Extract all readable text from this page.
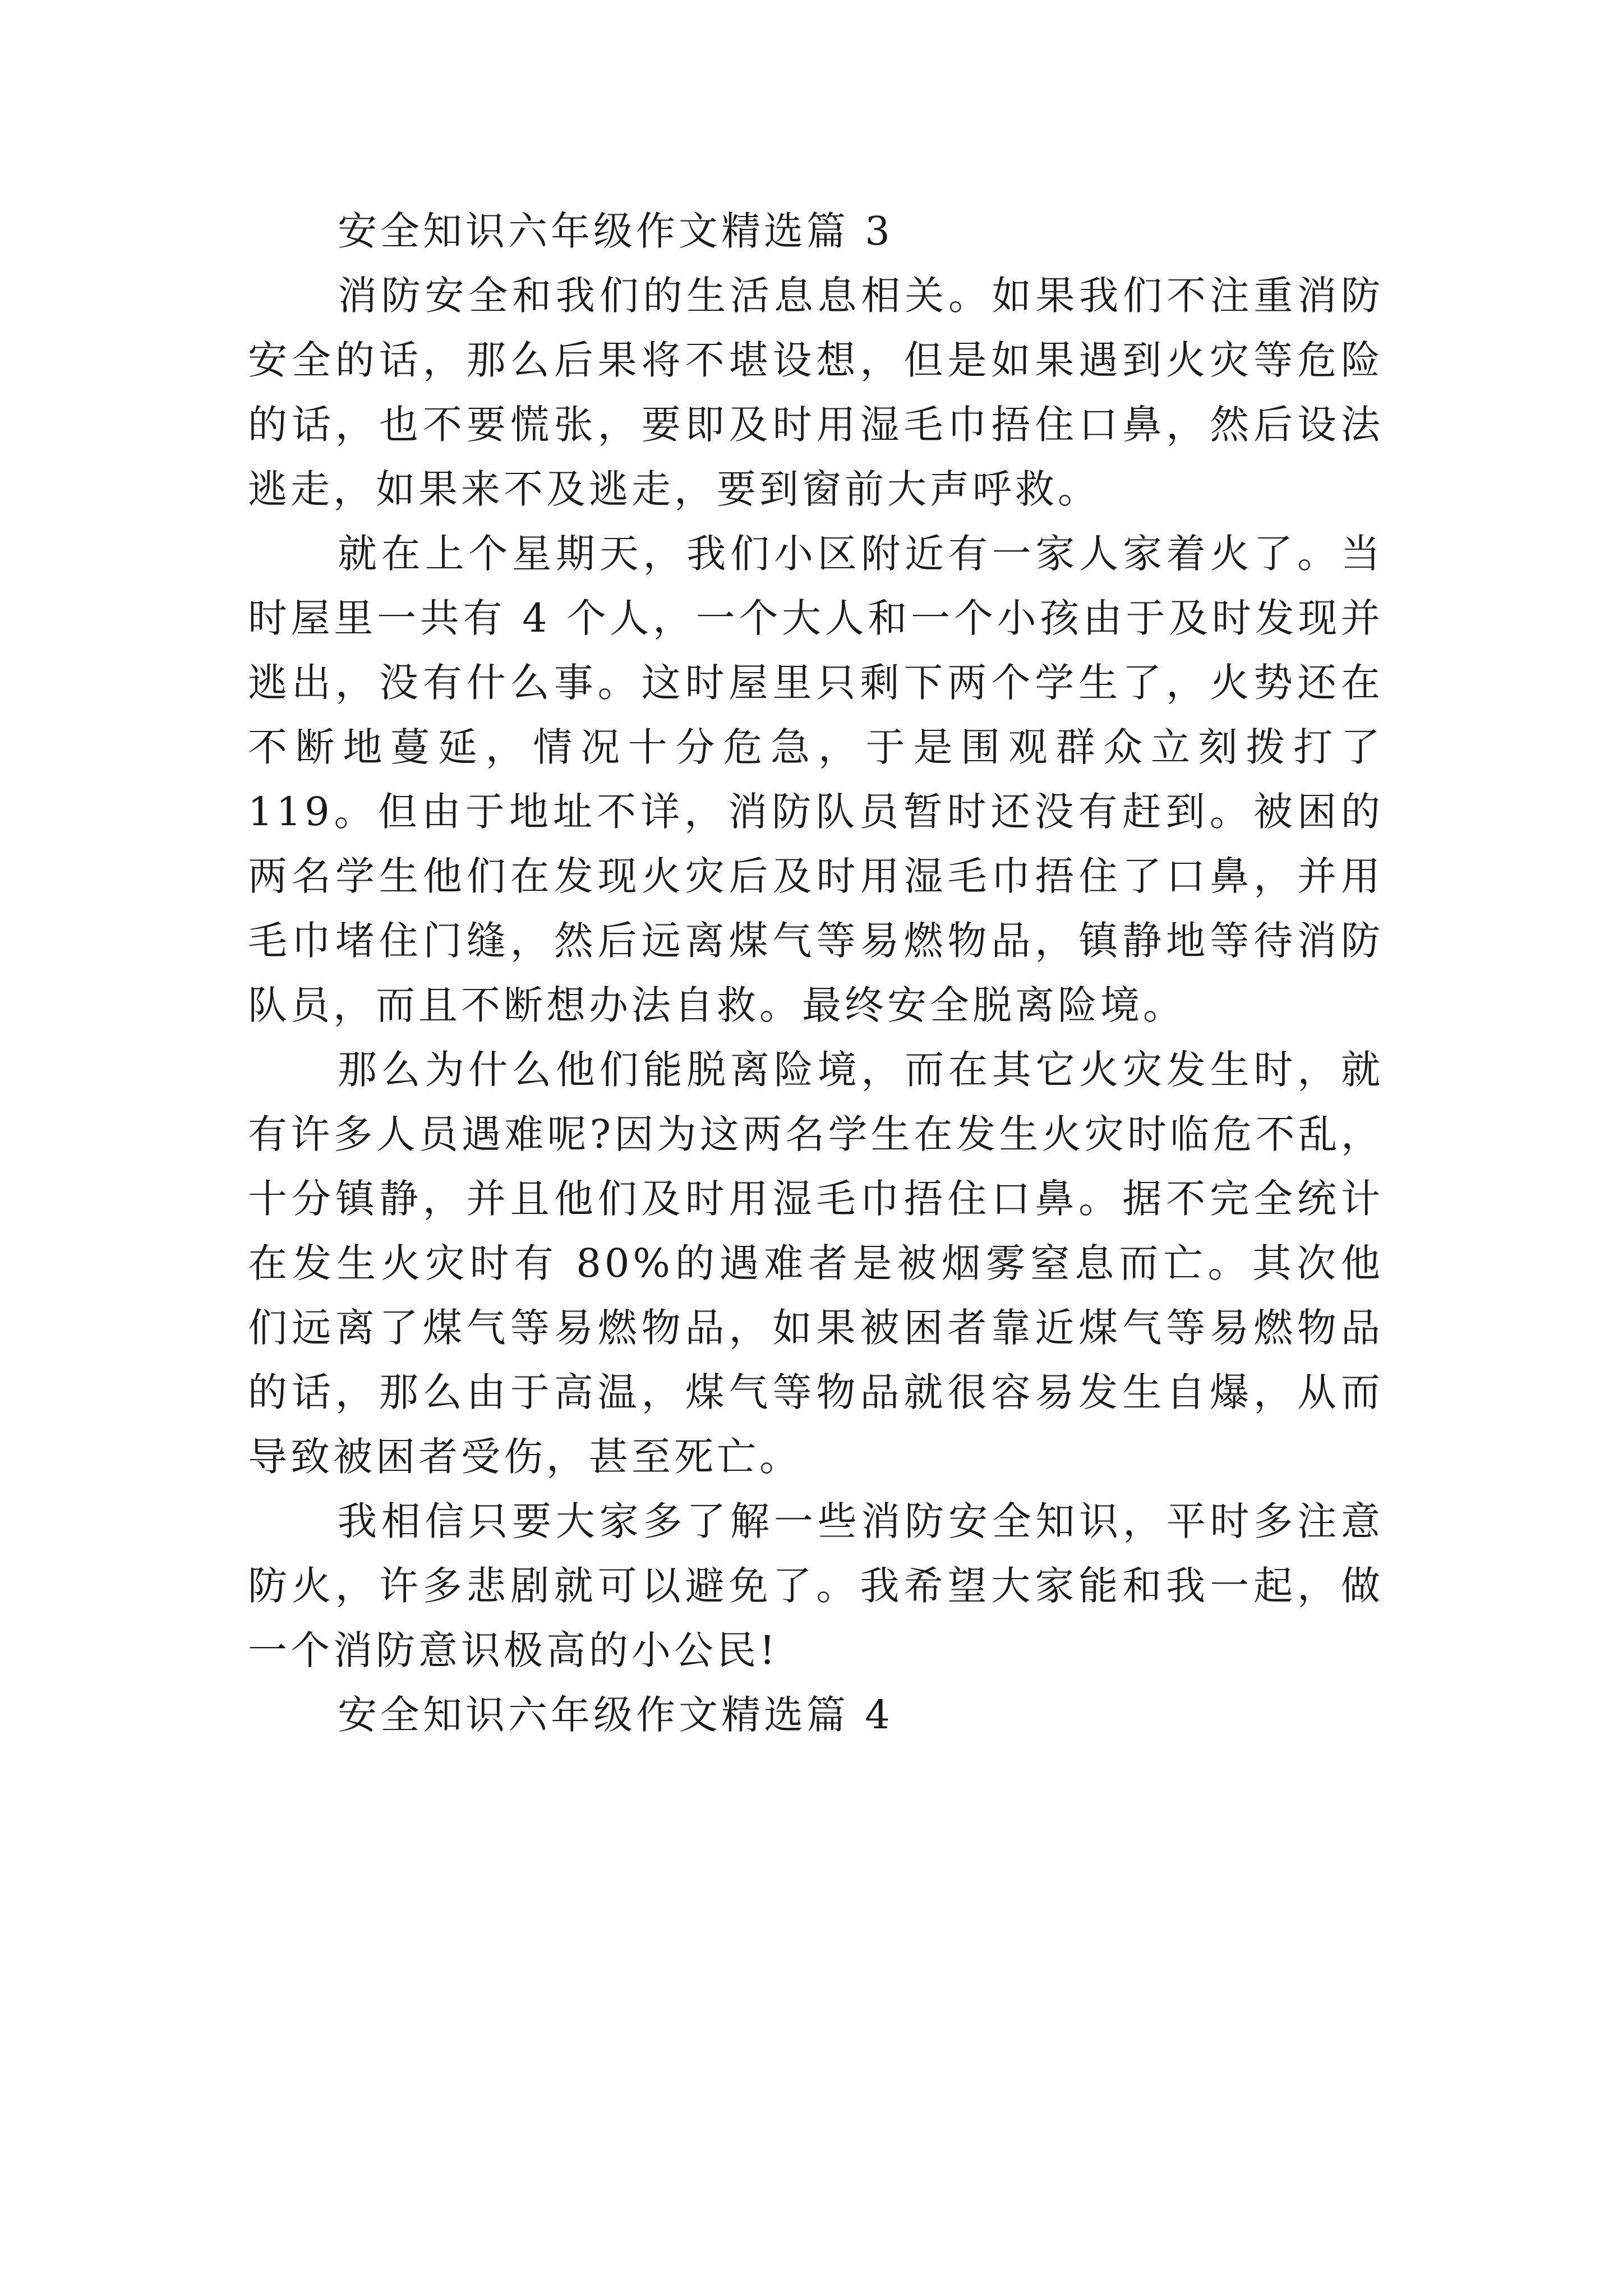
安全知识六年级作文精选篇 3

消防安全和我们的生活息息相关。如果我们不注重消防安全的话，那么后果将不堪设想，但是如果遇到火灾等危险的话，也不要慌张，要即及时用湿毛巾捂住口鼻，然后设法逃走，如果来不及逃走，要到窗前大声呼救。

就在上个星期天，我们小区附近有一家人家着火了。当时屋里一共有 4 个人，一个大人和一个小孩由于及时发现并逃出，没有什么事。这时屋里只剩下两个学生了，火势还在不断地蔓延，情况十分危急，于是围观群众立刻拨打了 119。但由于地址不详，消防队员暂时还没有赶到。被困的两名学生他们在发现火灾后及时用湿毛巾捂住了口鼻，并用毛巾堵住门缝，然后远离煤气等易燃物品，镇静地等待消防队员，而且不断想办法自救。最终安全脱离险境。

那么为什么他们能脱离险境，而在其它火灾发生时，就有许多人员遇难呢?因为这两名学生在发生火灾时临危不乱，十分镇静，并且他们及时用湿毛巾捂住口鼻。据不完全统计在发生火灾时有 80%的遇难者是被烟雾窒息而亡。其次他们远离了煤气等易燃物品，如果被困者靠近煤气等易燃物品的话，那么由于高温，煤气等物品就很容易发生自爆，从而导致被困者受伤，甚至死亡。

我相信只要大家多了解一些消防安全知识，平时多注意防火，许多悲剧就可以避免了。我希望大家能和我一起，做一个消防意识极高的小公民!

安全知识六年级作文精选篇 4
